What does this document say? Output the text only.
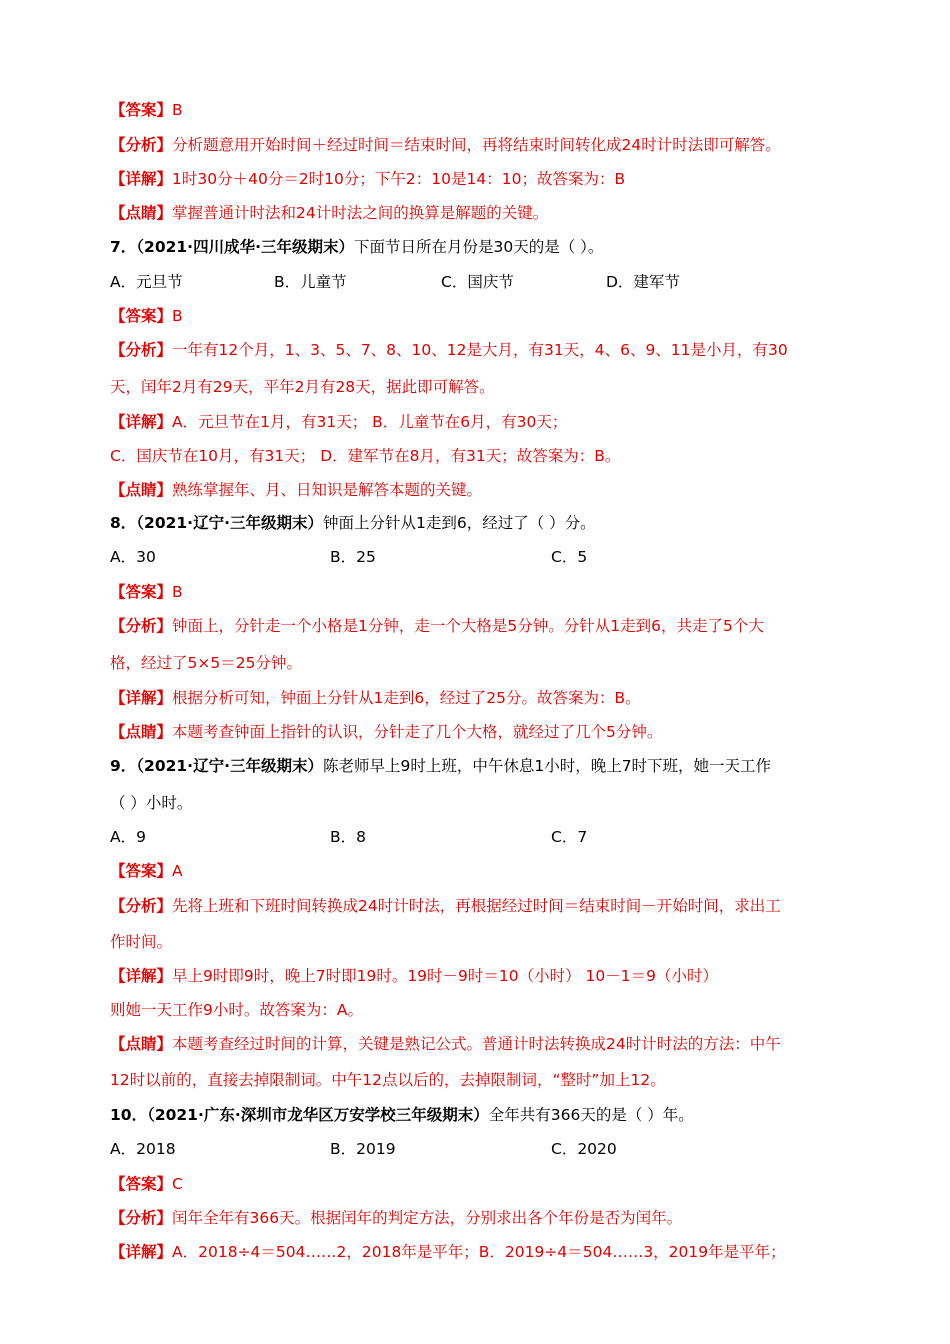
【答案】B
【分析】分析题意用开始时间＋经过时间＝结束时间，再将结束时间转化成24时计时法即可解答。
【详解】1时30分＋40分＝2时10分；下午2：10是14：10；故答案为：B
【点睛】掌握普通计时法和24计时法之间的换算是解题的关键。
7．（2021·四川成华·三年级期末）下面节日所在月份是30天的是（ ）。
A．元旦节	B．儿童节	C．国庆节	D．建军节
【答案】B
【分析】一年有12个月，1、3、5、7、8、10、12是大月，有31天，4、6、9、11是小月，有30
天，闰年2月有29天，平年2月有28天，据此即可解答。
【详解】A．元旦节在1月，有31天； B．儿童节在6月，有30天；
C．国庆节在10月，有31天； D．建军节在8月，有31天；故答案为：B。
【点睛】熟练掌握年、月、日知识是解答本题的关键。
8．（2021·辽宁·三年级期末）钟面上分针从1走到6，经过了（ ）分。
A．30	B．25	C．5
【答案】B
【分析】钟面上，分针走一个小格是1分钟，走一个大格是5分钟。分针从1走到6，共走了5个大
格，经过了5×5＝25分钟。
【详解】根据分析可知，钟面上分针从1走到6，经过了25分。故答案为：B。
【点睛】本题考查钟面上指针的认识，分针走了几个大格，就经过了几个5分钟。
9．（2021·辽宁·三年级期末）陈老师早上9时上班，中午休息1小时，晚上7时下班，她一天工作
（ ）小时。
A．9	B．8	C．7
【答案】A
【分析】先将上班和下班时间转换成24时计时法，再根据经过时间＝结束时间－开始时间，求出工
作时间。
【详解】早上9时即9时，晚上7时即19时。19时－9时＝10（小时） 10－1＝9（小时）
则她一天工作9小时。故答案为：A。
【点睛】本题考查经过时间的计算，关键是熟记公式。普通计时法转换成24时计时法的方法：中午
12时以前的，直接去掉限制词。中午12点以后的，去掉限制词，“整时”加上12。
10．（2021·广东·深圳市龙华区万安学校三年级期末）全年共有366天的是（ ）年。
A．2018	B．2019	C．2020
【答案】C
【分析】闰年全年有366天。根据闰年的判定方法，分别求出各个年份是否为闰年。
【详解】A．2018÷4＝504……2，2018年是平年；B．2019÷4＝504……3，2019年是平年；
